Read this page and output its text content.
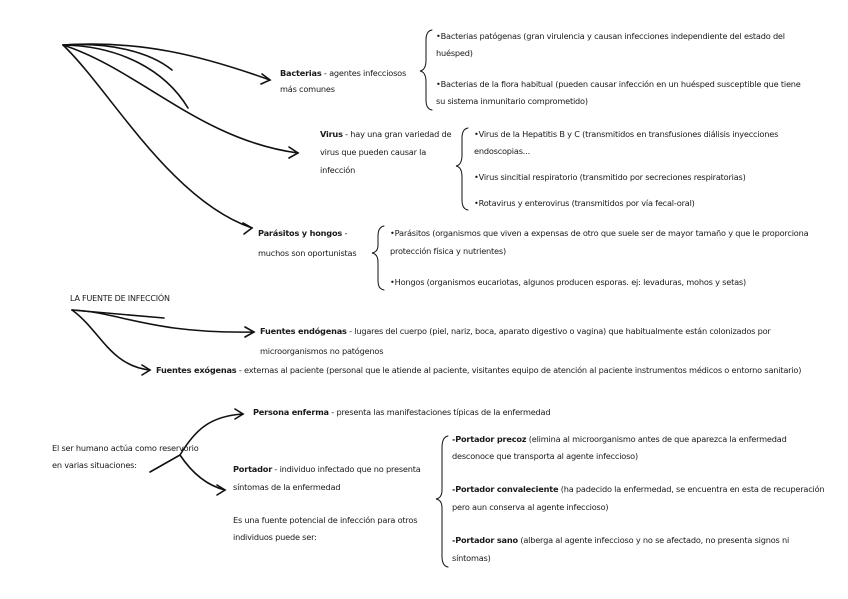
Bacterias - agentes infecciosos
más comunes
•Bacterias patógenas (gran virulencia y causan infecciones independiente del estado del
huésped)
•Bacterias de la flora habitual (pueden causar infección en un huésped susceptible que tiene
su sistema inmunitario comprometido)
Virus - hay una gran variedad de
virus que pueden causar la
infección
•Virus de la Hepatitis B y C (transmitidos en transfusiones diálisis inyecciones
endoscopias...
•Virus sincitial respiratorio (transmitido por secreciones respiratorias)
•Rotavirus y enterovirus (transmitidos por vía fecal-oral)
Parásitos y hongos -
muchos son oportunistas
•Parásitos (organismos que viven a expensas de otro que suele ser de mayor tamaño y que le proporciona
protección física y nutrientes)
•Hongos (organismos eucariotas, algunos producen esporas. ej: levaduras, mohos y setas)
LA FUENTE DE INFECCIÓN
Fuentes endógenas - lugares del cuerpo (piel, nariz, boca, aparato digestivo o vagina) que habitualmente están colonizados por
microorganismos no patógenos
Fuentes exógenas - externas al paciente (personal que le atiende al paciente, visitantes equipo de atención al paciente instrumentos médicos o entorno sanitario)
Persona enferma - presenta las manifestaciones típicas de la enfermedad
El ser humano actúa como reservorio
en varias situaciones:	Portador - individuo infectado que no presenta
síntomas de la enfermedad
Es una fuente potencial de infección para otros
individuos puede ser:
-Portador precoz (elimina al microorganismo antes de que aparezca la enfermedad
desconoce que transporta al agente infeccioso)
-Portador convaleciente (ha padecido la enfermedad, se encuentra en esta de recuperación
pero aun conserva al agente infeccioso)
-Portador sano (alberga al agente infeccioso y no se afectado, no presenta signos ni
síntomas)
